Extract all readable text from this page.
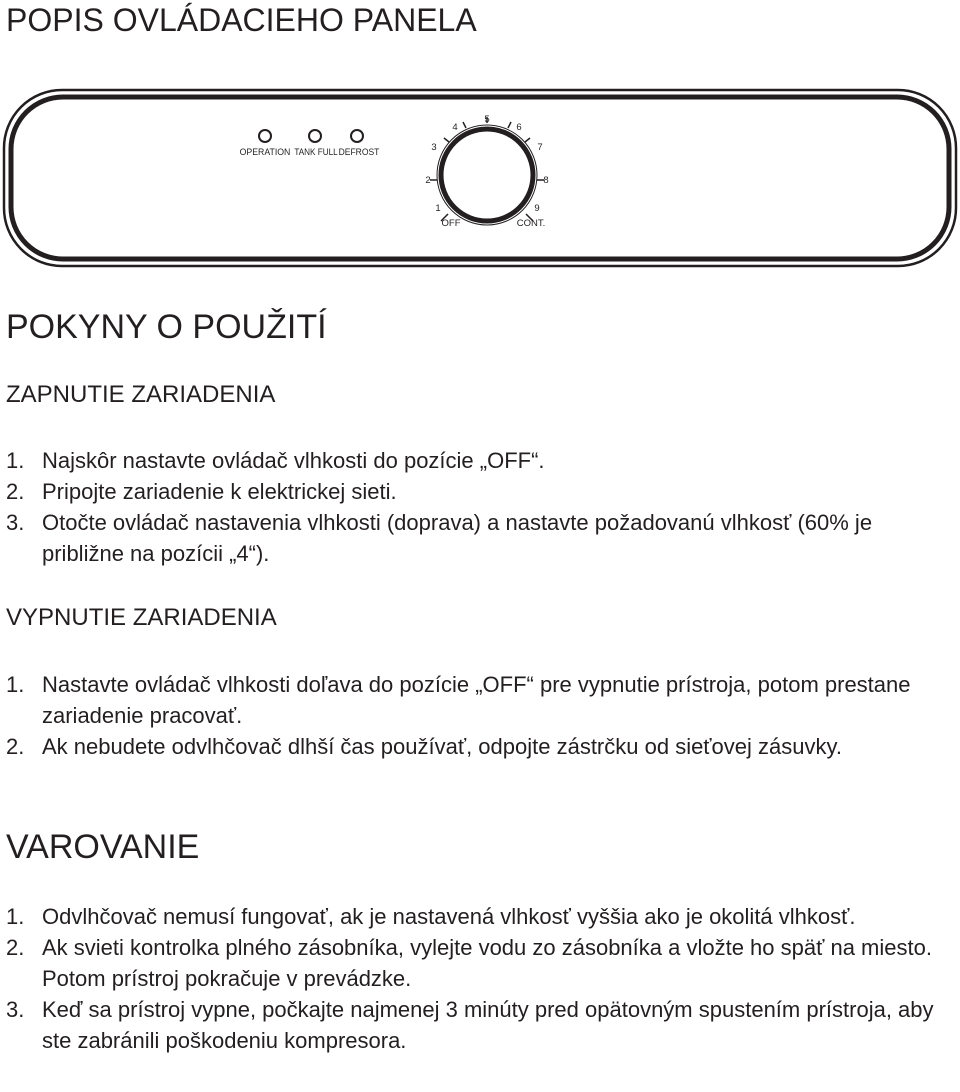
POPIS OVLÁDACIEHO PANELA
OPERATION TANK FULL DEFROST
1
2
3
4
5
6
7
8
9
OFF	CONT.
POKYNY O POUŽITÍ
ZAPNUTIE ZARIADENIA
1. Najskôr nastavte ovládač vlhkosti do pozície „OFF“.
2. Pripojte zariadenie k elektrickej sieti.
3. Otočte ovládač nastavenia vlhkosti (doprava) a nastavte požadovanú vlhkosť (60% je približne na pozícii „4“).
VYPNUTIE ZARIADENIA
1. Nastavte ovládač vlhkosti doľava do pozície „OFF“ pre vypnutie prístroja, potom prestane zariadenie pracovať.
2. Ak nebudete odvlhčovač dlhší čas používať, odpojte zástrčku od sieťovej zásuvky.
VAROVANIE
1. Odvlhčovač nemusí fungovať, ak je nastavená vlhkosť vyššia ako je okolitá vlhkosť.
2. Ak svieti kontrolka plného zásobníka, vylejte vodu zo zásobníka a vložte ho späť na miesto. Potom prístroj pokračuje v prevádzke.
3. Keď sa prístroj vypne, počkajte najmenej 3 minúty pred opätovným spustením prístroja, aby ste zabránili poškodeniu kompresora.
